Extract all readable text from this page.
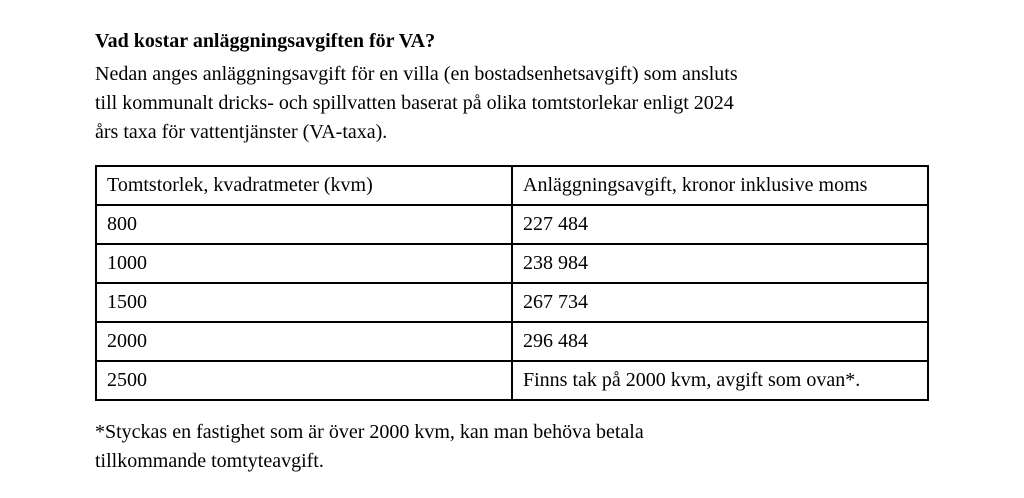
Vad kostar anläggningsavgiften för VA?
Nedan anges anläggningsavgift för en villa (en bostadsenhetsavgift) som ansluts
till kommunalt dricks- och spillvatten baserat på olika tomtstorlekar enligt 2024
års taxa för vattentjänster (VA-taxa).
Tomtstorlek, kvadratmeter (kvm)	Anläggningsavgift, kronor inklusive moms
800	227 484
1000	238 984
1500	267 734
2000	296 484
2500	Finns tak på 2000 kvm, avgift som ovan*.
*Styckas en fastighet som är över 2000 kvm, kan man behöva betala
tillkommande tomtyteavgift.
